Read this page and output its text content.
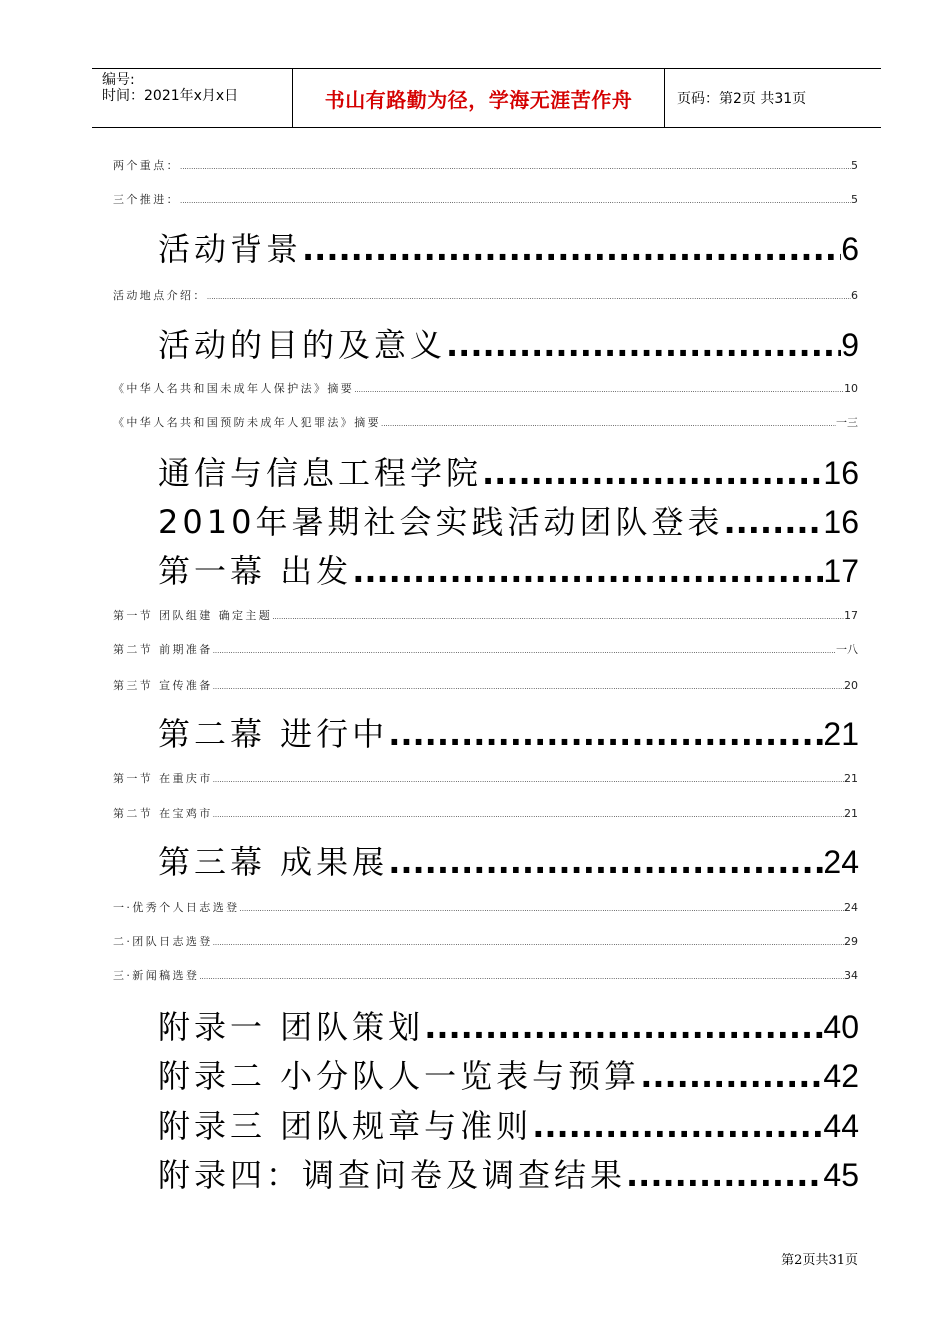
编号:
时间：2021年x月x日	书山有路勤为径，学海无涯苦作舟	页码：第2页 共31页
两个重点： .....	5
三个推进： .....	5
活动背景 .....	6
活动地点介绍： .....	6
活动的目的及意义 .....	9
《中华人名共和国未成年人保护法》摘要 .....	10
《中华人名共和国预防未成年人犯罪法》摘要 .....	一三
通信与信息工程学院 .....	16
2010年暑期社会实践活动团队登表 .....	16
第一幕 出发 .....	17
第一节 团队组建 确定主题 .....	17
第二节 前期准备 .....	一八
第三节 宣传准备 .....	20
第二幕 进行中 .....	21
第一节 在重庆市 .....	21
第二节 在宝鸡市 .....	21
第三幕 成果展 .....	24
一·优秀个人日志选登 .....	24
二·团队日志选登 .....	29
三·新闻稿选登 .....	34
附录一 团队策划 .....	40
附录二 小分队人一览表与预算 .....	42
附录三 团队规章与准则 .....	44
附录四：调查问卷及调查结果 .....	45
第2页共31页
